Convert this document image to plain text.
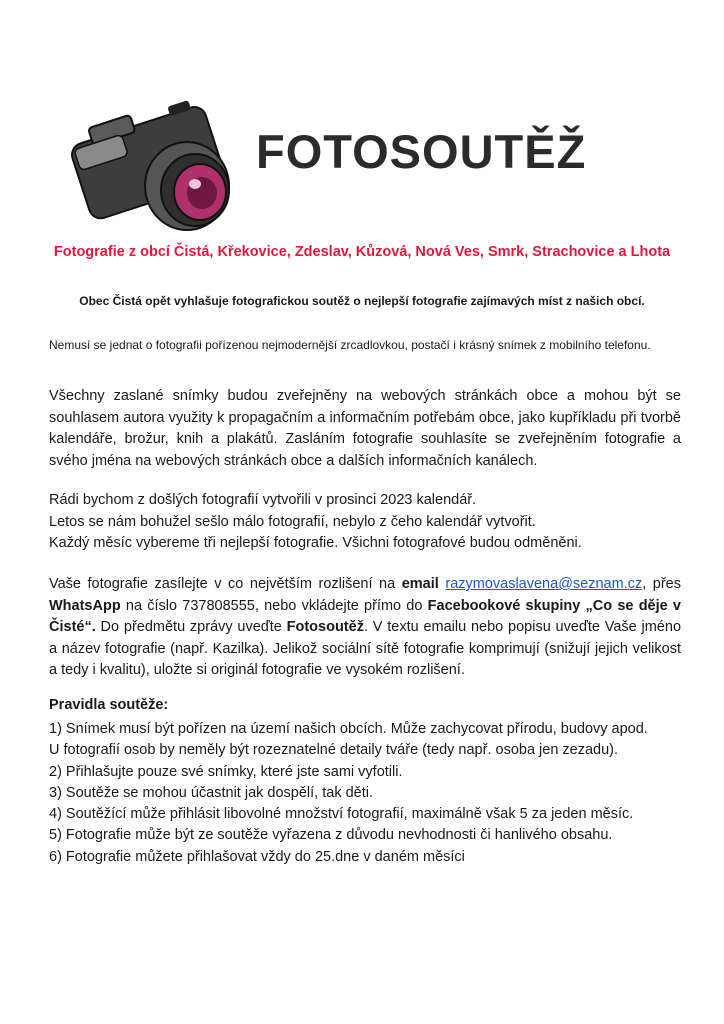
FOTOSOUTĚŽ

Fotografie z obcí Čistá, Křekovice, Zdeslav, Kůzová, Nová Ves, Smrk, Strachovice a Lhota

Obec Čistá opět vyhlašuje fotografickou soutěž o nejlepší fotografie zajímavých míst z našich obcí.

Nemusí se jednat o fotografii pořízenou nejmodernější zrcadlovkou, postačí i krásný snímek z mobilního telefonu.

Všechny zaslané snímky budou zveřejněny na webových stránkách obce a mohou být se souhlasem autora využity k propagačním a informačním potřebám obce, jako kupříkladu při tvorbě kalendáře, brožur, knih a plakátů. Zasláním fotografie souhlasíte se zveřejněním fotografie a svého jména na webových stránkách obce a dalších informačních kanálech.

Rádi bychom z došlých fotografií vytvořili v prosinci 2023 kalendář.
Letos se nám bohužel sešlo málo fotografií, nebylo z čeho kalendář vytvořit.
Každý měsíc vybereme tři nejlepší fotografie. Všichni fotografové budou odměněni.

Vaše fotografie zasílejte v co největším rozlišení na email razymovaslavena@seznam.cz, přes WhatsApp na číslo 737808555, nebo vkládejte přímo do Facebookové skupiny „Co se děje v Čisté“. Do předmětu zprávy uveďte Fotosoutěž. V textu emailu nebo popisu uveďte Vaše jméno a název fotografie (např. Kazilka). Jelikož sociální sítě fotografie komprimují (snižují jejich velikost a tedy i kvalitu), uložte si originál fotografie ve vysokém rozlišení.

Pravidla soutěže:

1) Snímek musí být pořízen na území našich obcích. Může zachycovat přírodu, budovy apod.
U fotografií osob by neměly být rozeznatelné detaily tváře (tedy např. osoba jen zezadu).
2) Přihlašujte pouze své snímky, které jste sami vyfotili.
3) Soutěže se mohou účastnit jak dospělí, tak děti.
4) Soutěžící může přihlásit libovolné množství fotografií, maximálně však 5 za jeden měsíc.
5) Fotografie může být ze soutěže vyřazena z důvodu nevhodnosti či hanlivého obsahu.
6) Fotografie můžete přihlašovat vždy do 25.dne v daném měsíci
